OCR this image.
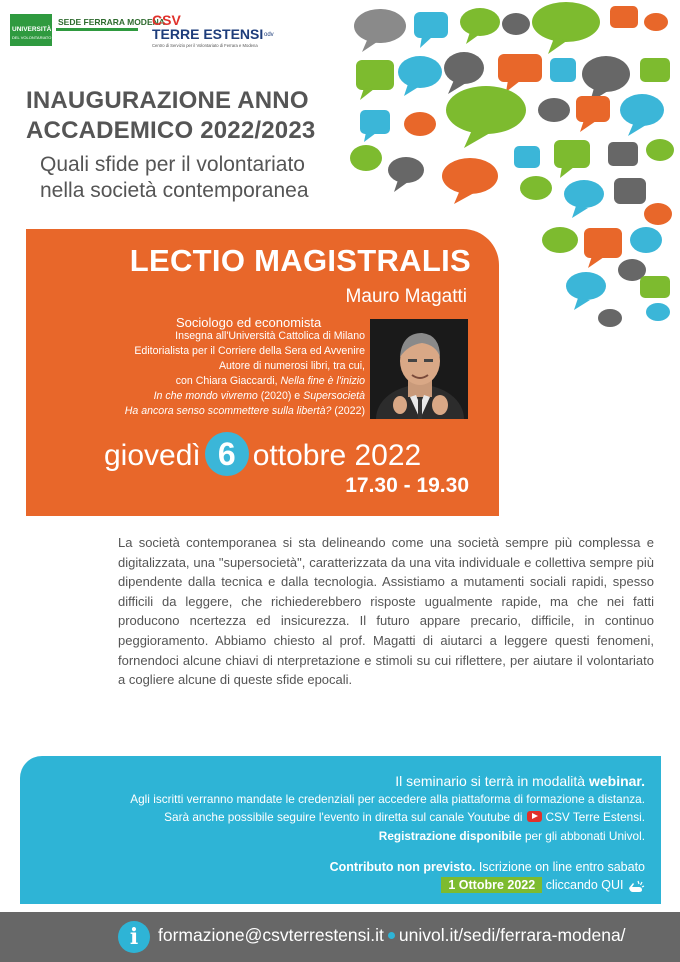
UNIVERSITÀ
DEL VOLONTARIATO
SEDE FERRARA MODENA
CSV
TERRE ESTENSI odv
Centro di Servizio per il Volontariato di Ferrara e Modena
INAUGURAZIONE ANNO
ACCADEMICO 2022/2023
Quali sfide per il volontariato
nella società contemporanea
LECTIO MAGISTRALIS
Mauro Magatti
Sociologo ed economista
Insegna all'Università Cattolica di Milano
Editorialista per il Corriere della Sera ed Avvenire
Autore di numerosi libri, tra cui,
con Chiara Giaccardi, Nella fine è l'inizio
In che mondo vivremo (2020) e Supersocietà
Ha ancora senso scommettere sulla libertà? (2022)
giovedì 6 ottobre 2022
17.30 - 19.30

La società contemporanea si sta delineando come una società sempre più complessa e digitalizzata, una "supersocietà", caratterizzata da una vita individuale e collettiva sempre più dipendente dalla tecnica e dalla tecnologia. Assistiamo a mutamenti sociali rapidi, spesso difficili da leggere, che richiederebbero risposte ugualmente rapide, ma che nei fatti producono ncertezza ed insicurezza. Il futuro appare precario, difficile, in continuo peggioramento. Abbiamo chiesto al prof. Magatti di aiutarci a leggere questi fenomeni, fornendoci alcune chiavi di nterpretazione e stimoli su cui riflettere, per aiutare il volontariato a cogliere alcune di queste sfide epocali.

Il seminario si terrà in modalità webinar.
Agli iscritti verranno mandate le credenziali per accedere alla piattaforma di formazione a distanza.
Sarà anche possibile seguire l'evento in diretta sul canale Youtube di CSV Terre Estensi.
Registrazione disponibile per gli abbonati Univol.
Contributo non previsto. Iscrizione on line entro sabato
1 Ottobre 2022 cliccando QUI
i	formazione@csvterrestensi.it univol.it/sedi/ferrara-modena/
